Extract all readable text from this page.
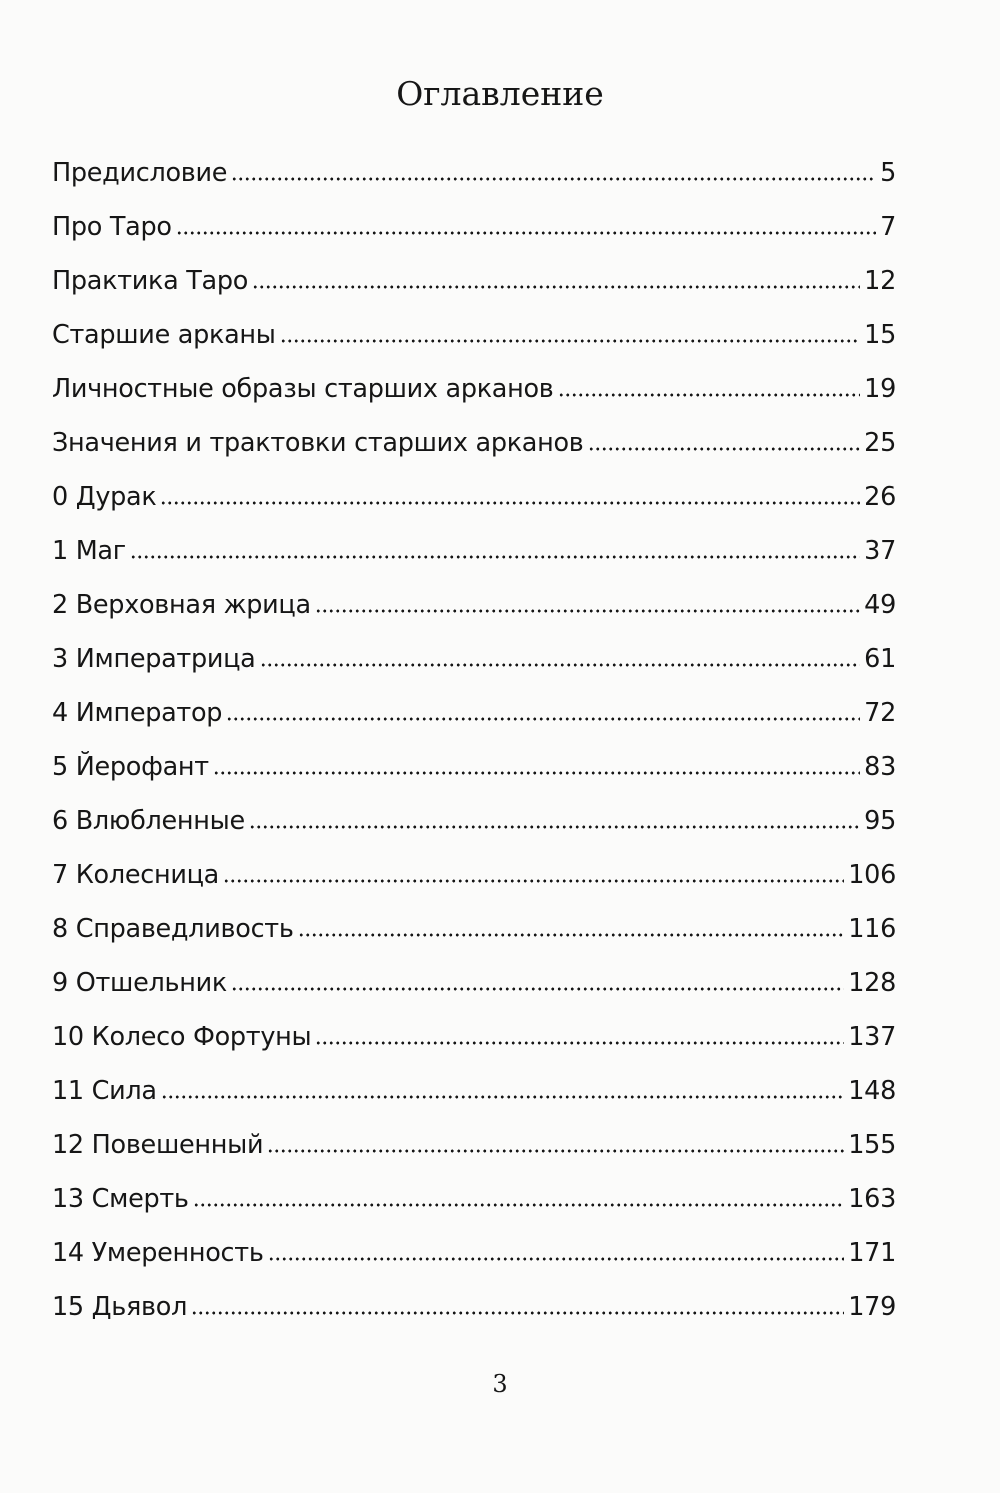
Оглавление
Предисловие	5
Про Таро	7
Практика Таро	12
Старшие арканы	15
Личностные образы старших арканов	19
Значения и трактовки старших арканов	25
0 Дурак	26
1 Маг	37
2 Верховная жрица	49
3 Императрица	61
4 Император	72
5 Йерофант	83
6 Влюбленные	95
7 Колесница	106
8 Справедливость	116
9 Отшельник	128
10 Колесо Фортуны	137
11 Сила	148
12 Повешенный	155
13 Смерть	163
14 Умеренность	171
15 Дьявол	179
3
